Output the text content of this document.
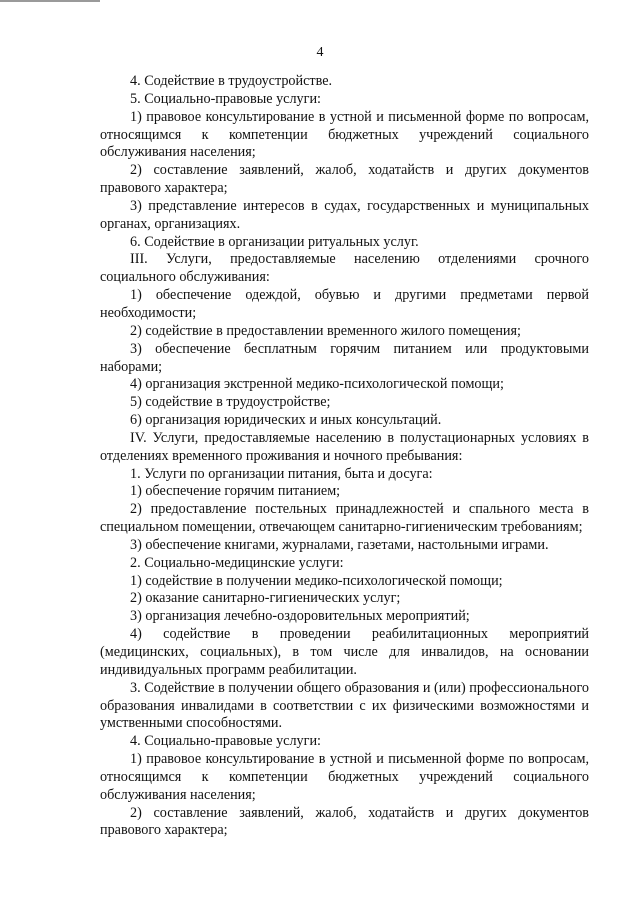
4

4. Содействие в трудоустройстве.

5. Социально-правовые услуги:

1) правовое консультирование в устной и письменной форме по вопросам, относящимся к компетенции бюджетных учреждений социального обслуживания населения;

2) составление заявлений, жалоб, ходатайств и других документов правового характера;

3) представление интересов в судах, государственных и муниципальных органах, организациях.

6. Содействие в организации ритуальных услуг.

III. Услуги, предоставляемые населению отделениями срочного социального обслуживания:

1) обеспечение одеждой, обувью и другими предметами первой необходимости;

2) содействие в предоставлении временного жилого помещения;

3) обеспечение бесплатным горячим питанием или продуктовыми наборами;

4) организация экстренной медико-психологической помощи;

5) содействие в трудоустройстве;

6) организация юридических и иных консультаций.

IV. Услуги, предоставляемые населению в полустационарных условиях в отделениях временного проживания и ночного пребывания:

1. Услуги по организации питания, быта и досуга:

1) обеспечение горячим питанием;

2) предоставление постельных принадлежностей и спального места в специальном помещении, отвечающем санитарно-гигиеническим требованиям;

3) обеспечение книгами, журналами, газетами, настольными играми.

2. Социально-медицинские услуги:

1) содействие в получении медико-психологической помощи;

2) оказание санитарно-гигиенических услуг;

3) организация лечебно-оздоровительных мероприятий;

4) содействие в проведении реабилитационных мероприятий (медицинских, социальных), в том числе для инвалидов, на основании индивидуальных программ реабилитации.

3. Содействие в получении общего образования и (или) профессионального образования инвалидами в соответствии с их физическими возможностями и умственными способностями.

4. Социально-правовые услуги:

1) правовое консультирование в устной и письменной форме по вопросам, относящимся к компетенции бюджетных учреждений социального обслуживания населения;

2) составление заявлений, жалоб, ходатайств и других документов правового характера;
